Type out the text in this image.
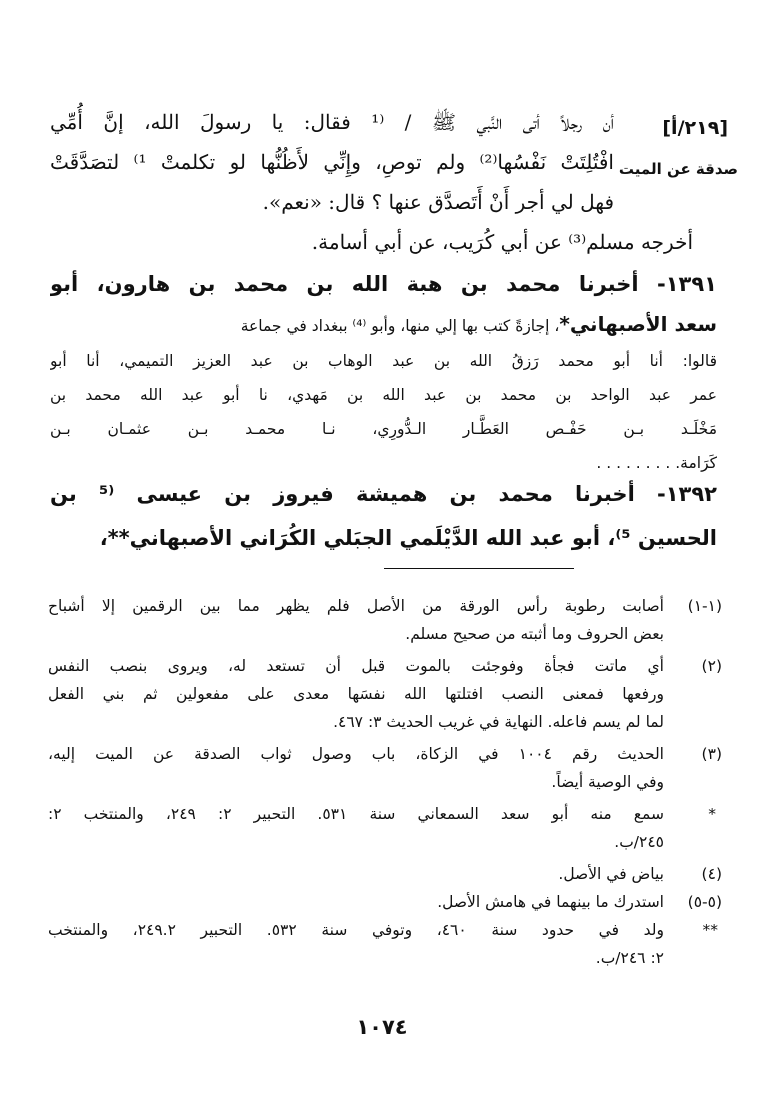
[٢١٩/أ]
صدقة عن الميت
أن رجلاً أتى النَّبي ﷺ / ⁽¹ فقال: يا رسولَ الله، إنَّ أُمِّي
افْتُلِتَتْ نَفْسُها⁽²⁾ ولم توصِ، وإِنِّي لأَظُنُّها لو تكلمتْ ¹⁾ لتصَدَّقَتْ
فهل لي أجر أَنْ أَتَصدَّق عنها ؟ قال: «نعم».
أخرجه مسلم⁽³⁾ عن أبي كُرَيب، عن أبي أسامة.
١٣٩١- أخبرنا محمد بن هبة الله بن محمد بن هارون، أبو
سعد الأصبهاني*، إجازةً كتب بها إلي منها، وأبو ⁽⁴⁾ ببغداد في جماعة
قالوا: أنا أبو محمد رَزقُ الله بن عبد الوهاب بن عبد العزيز التميمي، أنا أبو
عمر عبد الواحد بن محمد بن عبد الله بن مَهدي، نا أبو عبد الله محمد بن
مَخْلَـد بـن حَفْـص العَطَّـار الـدُّورِي، نـا محمـد بـن عثمـان بـن
كَرَامة. . . . . . . . .
١٣٩٢- أخبرنا محمد بن هميشة فيروز بن عيسى ⁽⁵ بن
الحسين ⁵⁾، أبو عبد الله الدَّيْلَمي الجبَلي الكُرَاني الأصبهاني**،
(١-١)
أصابت رطوبة رأس الورقة من الأصل فلم يظهر مما بين الرقمين إلا أشباح
بعض الحروف وما أثبته من صحيح مسلم.
(٢)
أي ماتت فجأة وفوجئت بالموت قبل أن تستعد له، ويروى بنصب النفس
ورفعها فمعنى النصب افتلتها الله نفسَها معدى على مفعولين ثم بني الفعل
لما لم يسم فاعله. النهاية في غريب الحديث ٣: ٤٦٧.
(٣)
الحديث رقم ١٠٠٤ في الزكاة، باب وصول ثواب الصدقة عن الميت إليه،
وفي الوصية أيضاً.
*
سمع منه أبو سعد السمعاني سنة ٥٣١. التحبير ٢: ٢٤٩، والمنتخب ٢:
٢٤٥/ب.
(٤)
بياض في الأصل.
(٥-٥)
استدرك ما بينهما في هامش الأصل.
**
ولد في حدود سنة ٤٦٠، وتوفي سنة ٥٣٢. التحبير ٢٤٩.٢، والمنتخب
٢: ٢٤٦/ب.
١٠٧٤
